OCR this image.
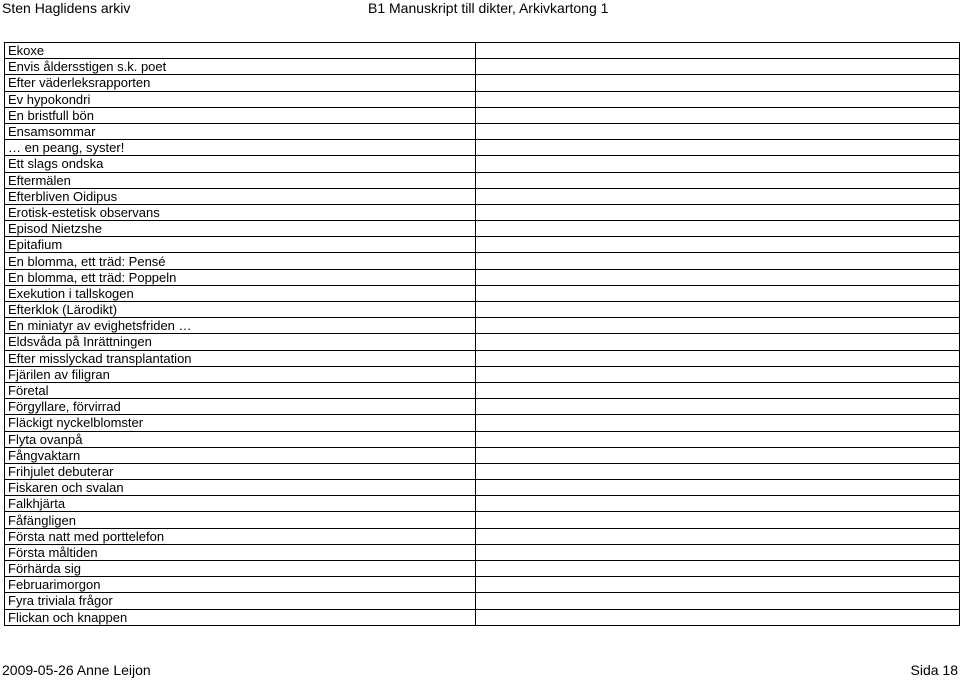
Sten Haglidens arkiv	B1 Manuskript till dikter, Arkivkartong 1
Ekoxe	
Envis åldersstigen s.k. poet	
Efter väderleksrapporten	
Ev hypokondri	
En bristfull bön	
Ensamsommar	
… en peang, syster!	
Ett slags ondska	
Eftermälen	
Efterbliven Oidipus	
Erotisk-estetisk observans	
Episod Nietzshe	
Epitafium	
En blomma, ett träd: Pensé	
En blomma, ett träd: Poppeln	
Exekution i tallskogen	
Efterklok (Lärodikt)	
En miniatyr av evighetsfriden …	
Eldsvåda på Inrättningen	
Efter misslyckad transplantation	
Fjärilen av filigran	
Företal	
Förgyllare, förvirrad	
Fläckigt nyckelblomster	
Flyta ovanpå	
Fångvaktarn	
Frihjulet debuterar	
Fiskaren och svalan	
Falkhjärta	
Fåfängligen	
Första natt med porttelefon	
Första måltiden	
Förhärda sig	
Februarimorgon	
Fyra triviala frågor	
Flickan och knappen	
2009-05-26 Anne Leijon	Sida 18
